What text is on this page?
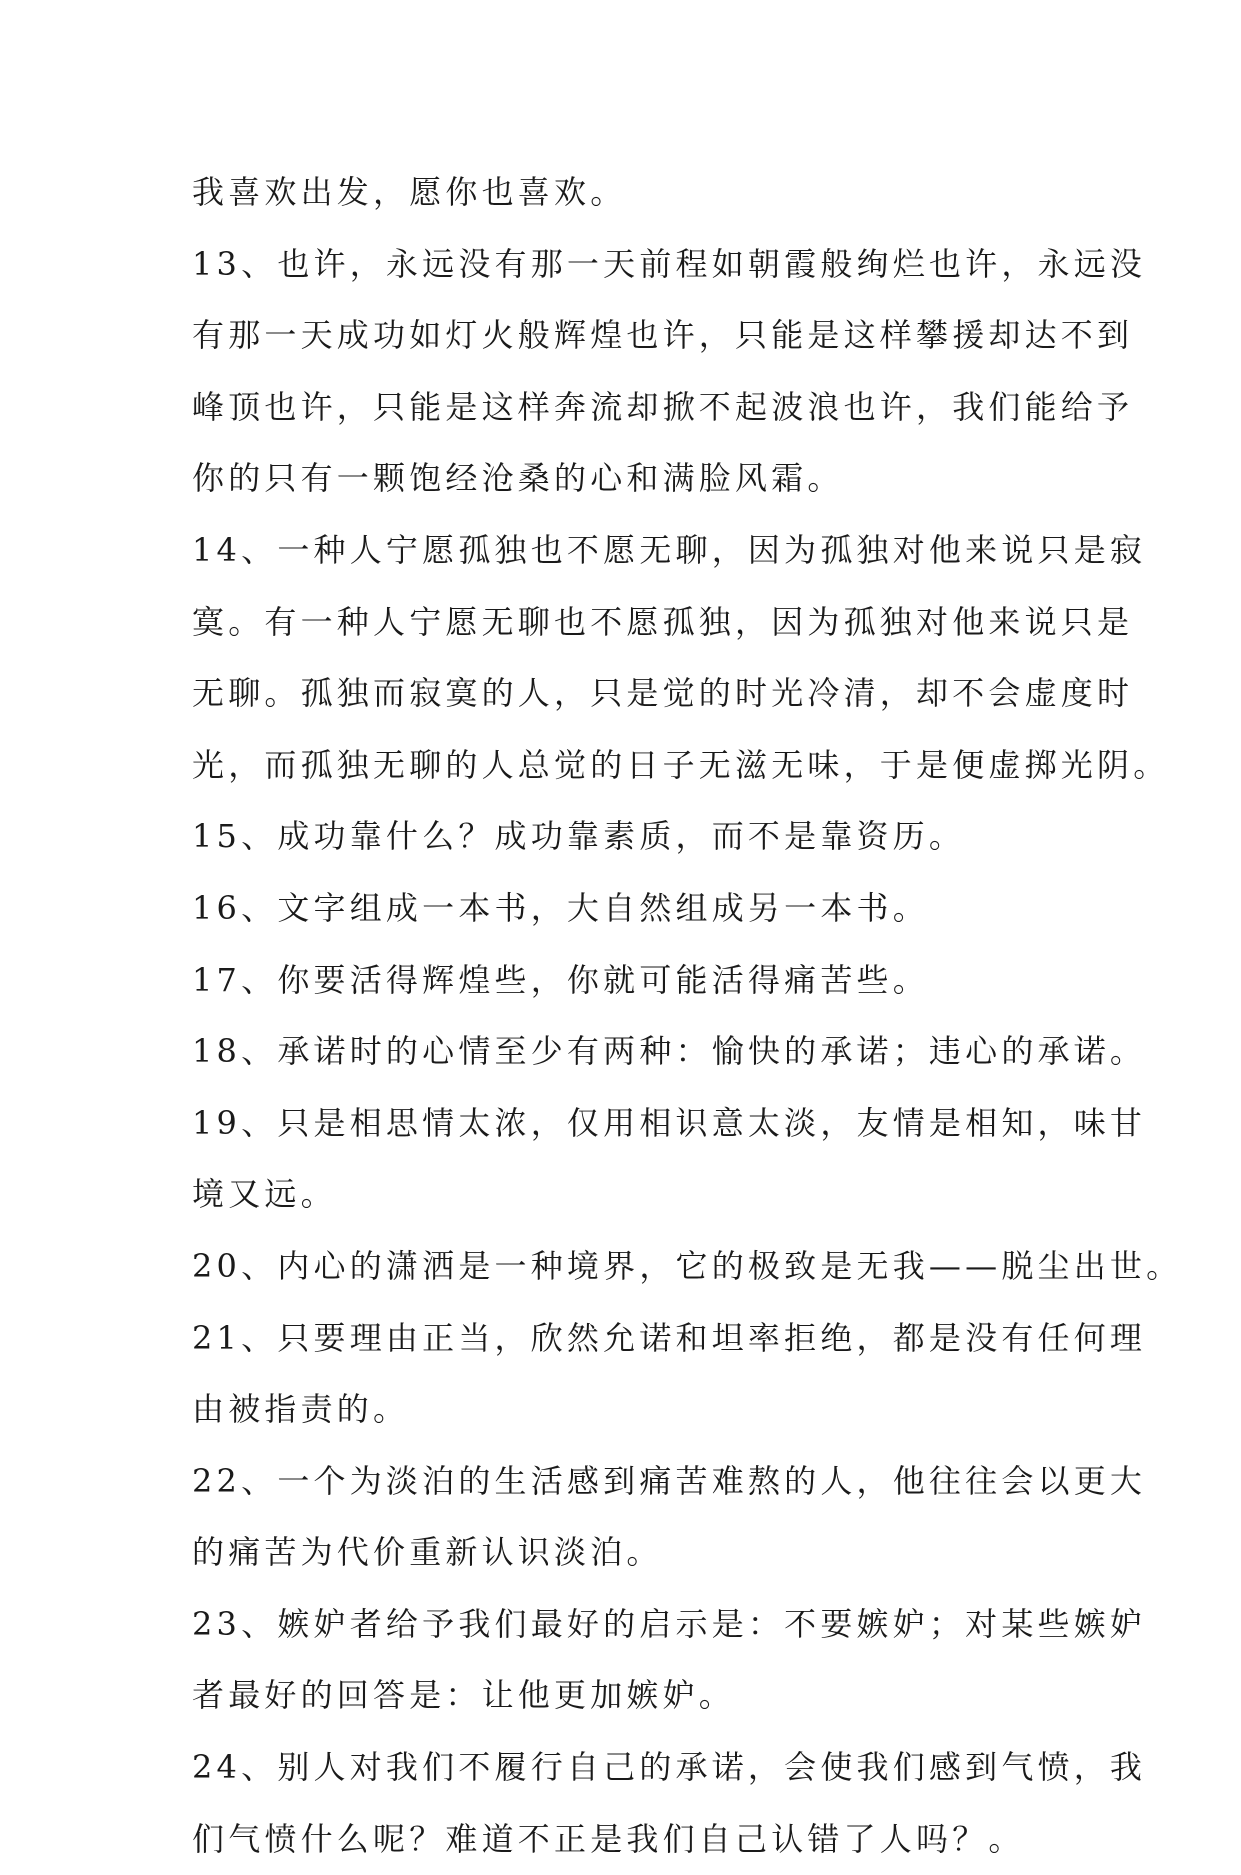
我喜欢出发，愿你也喜欢。
13、也许，永远没有那一天前程如朝霞般绚烂也许，永远没
有那一天成功如灯火般辉煌也许，只能是这样攀援却达不到
峰顶也许，只能是这样奔流却掀不起波浪也许，我们能给予
你的只有一颗饱经沧桑的心和满脸风霜。
14、一种人宁愿孤独也不愿无聊，因为孤独对他来说只是寂
寞。有一种人宁愿无聊也不愿孤独，因为孤独对他来说只是
无聊。孤独而寂寞的人，只是觉的时光冷清，却不会虚度时
光，而孤独无聊的人总觉的日子无滋无味，于是便虚掷光阴。
15、成功靠什么？成功靠素质，而不是靠资历。
16、文字组成一本书，大自然组成另一本书。
17、你要活得辉煌些，你就可能活得痛苦些。
18、承诺时的心情至少有两种：愉快的承诺；违心的承诺。
19、只是相思情太浓，仅用相识意太淡，友情是相知，味甘
境又远。
20、内心的潇洒是一种境界，它的极致是无我——脱尘出世。
21、只要理由正当，欣然允诺和坦率拒绝，都是没有任何理
由被指责的。
22、一个为淡泊的生活感到痛苦难熬的人，他往往会以更大
的痛苦为代价重新认识淡泊。
23、嫉妒者给予我们最好的启示是：不要嫉妒；对某些嫉妒
者最好的回答是：让他更加嫉妒。
24、别人对我们不履行自己的承诺，会使我们感到气愤，我
们气愤什么呢？难道不正是我们自己认错了人吗？。
